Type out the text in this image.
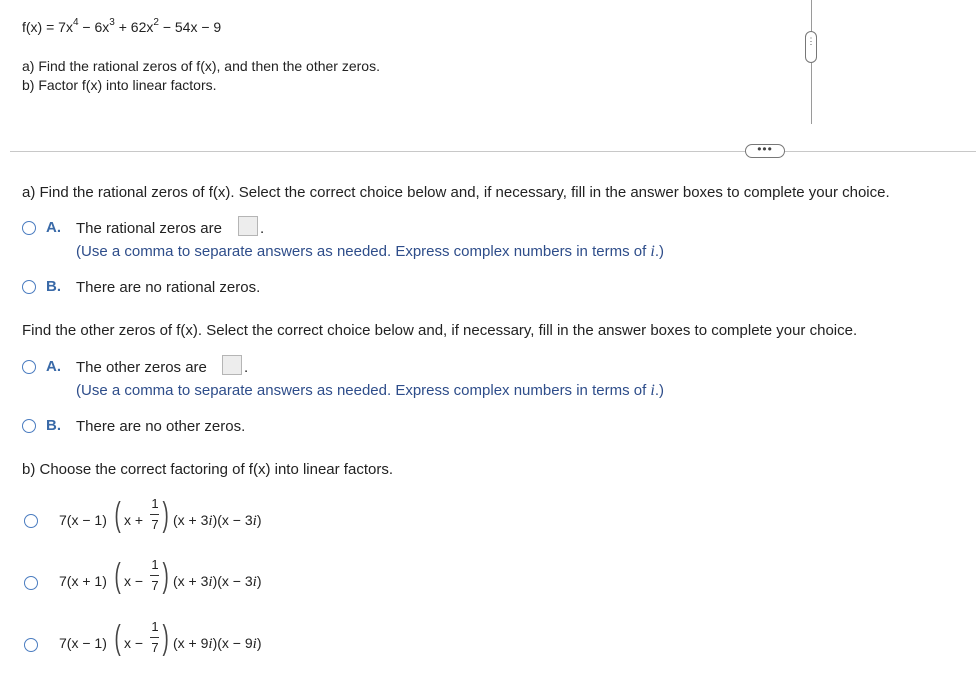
$f(x) = 7x^4 - 6x^3 + 62x^2 - 54x - 9$
a) Find the rational zeros of f(x), and then the other zeros.
b) Factor f(x) into linear factors.
⋮
•••
a) Find the rational zeros of f(x). Select the correct choice below and, if necessary, fill in the answer boxes to complete your choice.
A. The rational zeros are	.
(Use a comma to separate answers as needed. Express complex numbers in terms of i.)
B. There are no rational zeros.
Find the other zeros of f(x). Select the correct choice below and, if necessary, fill in the answer boxes to complete your choice.
A. The other zeros are .
(Use a comma to separate answers as needed. Express complex numbers in terms of i.)
B. There are no other zeros.
b) Choose the correct factoring of f(x) into linear factors.
7(x − 1) ( x +
1
7 ) (x + 3i)(x − 3i)
7(x + 1) ( x −
1
7 ) (x + 3i)(x − 3i)
7(x − 1) ( x −
1
7 ) (x + 9i)(x − 9i)
